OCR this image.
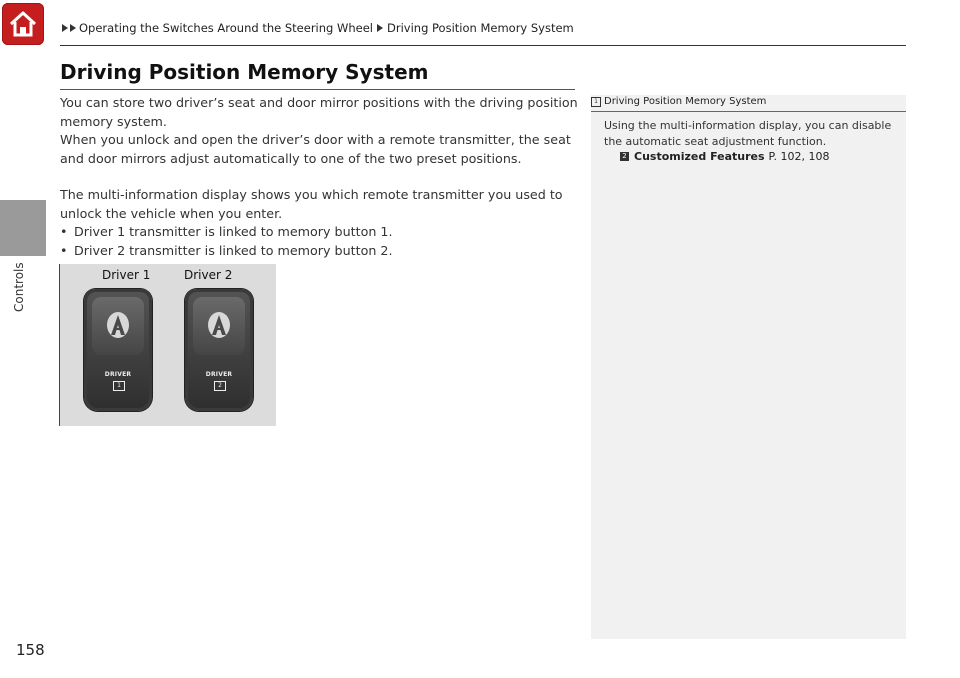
Controls
158
Operating the Switches Around the Steering Wheel Driving Position Memory System
Driving Position Memory System

You can store two driver’s seat and door mirror positions with the driving position memory system.

When you unlock and open the driver’s door with a remote transmitter, the seat and door mirrors adjust automatically to one of the two preset positions.

The multi-information display shows you which remote transmitter you used to unlock the vehicle when you enter.

• Driver 1 transmitter is linked to memory button 1.

• Driver 2 transmitter is linked to memory button 2.

Driver 1	Driver 2
DRIVER
1
DRIVER
2
1 Driving Position Memory System
Using the multi-information display, you can disable the automatic seat adjustment function.
2 Customized Features P. 102, 108
